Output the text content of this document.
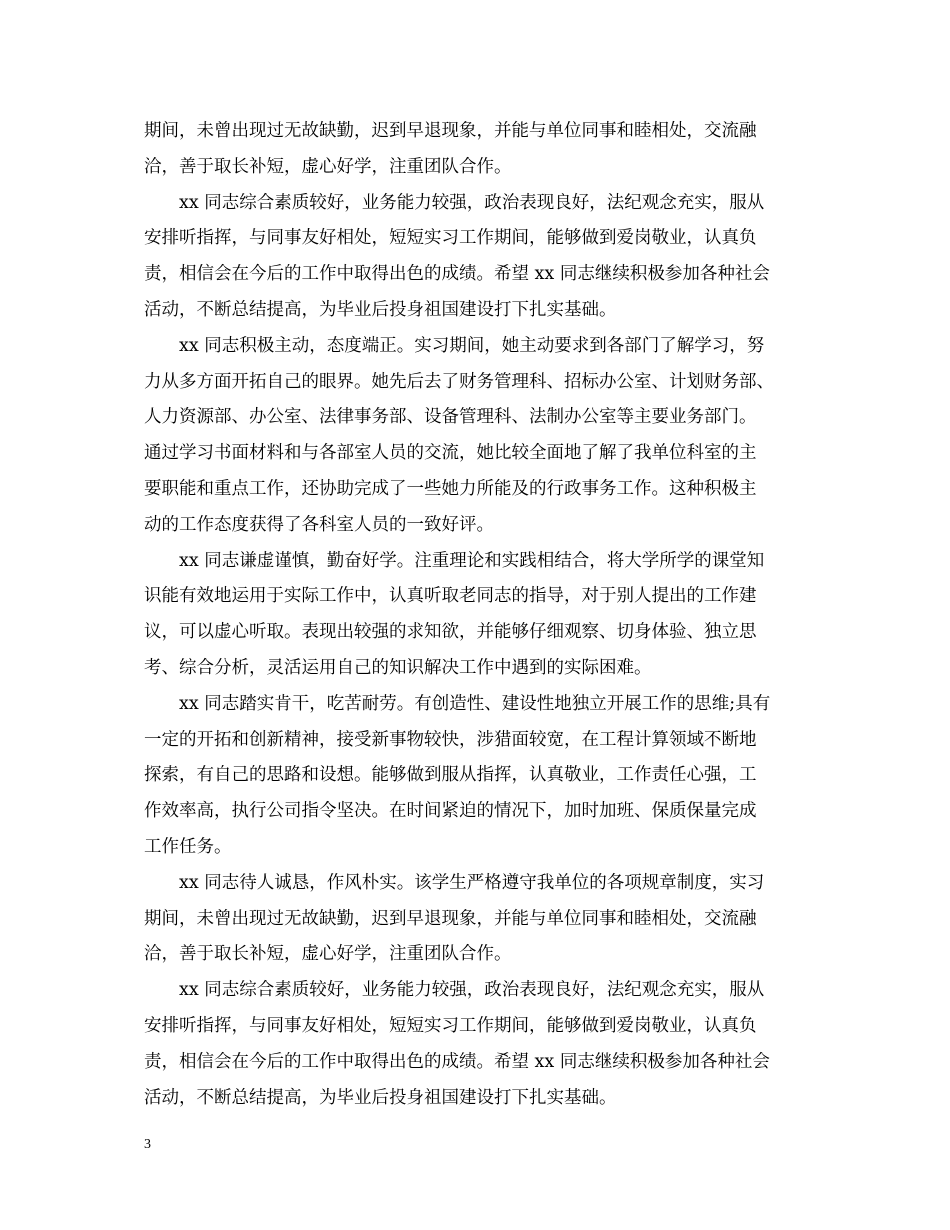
期间，未曾出现过无故缺勤，迟到早退现象，并能与单位同事和睦相处，交流融
洽，善于取长补短，虚心好学，注重团队合作。
xx 同志综合素质较好，业务能力较强，政治表现良好，法纪观念充实，服从
安排听指挥，与同事友好相处，短短实习工作期间，能够做到爱岗敬业，认真负
责，相信会在今后的工作中取得出色的成绩。希望 xx 同志继续积极参加各种社会
活动，不断总结提高，为毕业后投身祖国建设打下扎实基础。
xx 同志积极主动，态度端正。实习期间，她主动要求到各部门了解学习，努
力从多方面开拓自己的眼界。她先后去了财务管理科、招标办公室、计划财务部、
人力资源部、办公室、法律事务部、设备管理科、法制办公室等主要业务部门。
通过学习书面材料和与各部室人员的交流，她比较全面地了解了我单位科室的主
要职能和重点工作，还协助完成了一些她力所能及的行政事务工作。这种积极主
动的工作态度获得了各科室人员的一致好评。
xx 同志谦虚谨慎，勤奋好学。注重理论和实践相结合，将大学所学的课堂知
识能有效地运用于实际工作中，认真听取老同志的指导，对于别人提出的工作建
议，可以虚心听取。表现出较强的求知欲，并能够仔细观察、切身体验、独立思
考、综合分析，灵活运用自己的知识解决工作中遇到的实际困难。
xx 同志踏实肯干，吃苦耐劳。有创造性、建设性地独立开展工作的思维;具有
一定的开拓和创新精神，接受新事物较快，涉猎面较宽，在工程计算领域不断地
探索，有自己的思路和设想。能够做到服从指挥，认真敬业，工作责任心强，工
作效率高，执行公司指令坚决。在时间紧迫的情况下，加时加班、保质保量完成
工作任务。
xx 同志待人诚恳，作风朴实。该学生严格遵守我单位的各项规章制度，实习
期间，未曾出现过无故缺勤，迟到早退现象，并能与单位同事和睦相处，交流融
洽，善于取长补短，虚心好学，注重团队合作。
xx 同志综合素质较好，业务能力较强，政治表现良好，法纪观念充实，服从
安排听指挥，与同事友好相处，短短实习工作期间，能够做到爱岗敬业，认真负
责，相信会在今后的工作中取得出色的成绩。希望 xx 同志继续积极参加各种社会
活动，不断总结提高，为毕业后投身祖国建设打下扎实基础。
3
